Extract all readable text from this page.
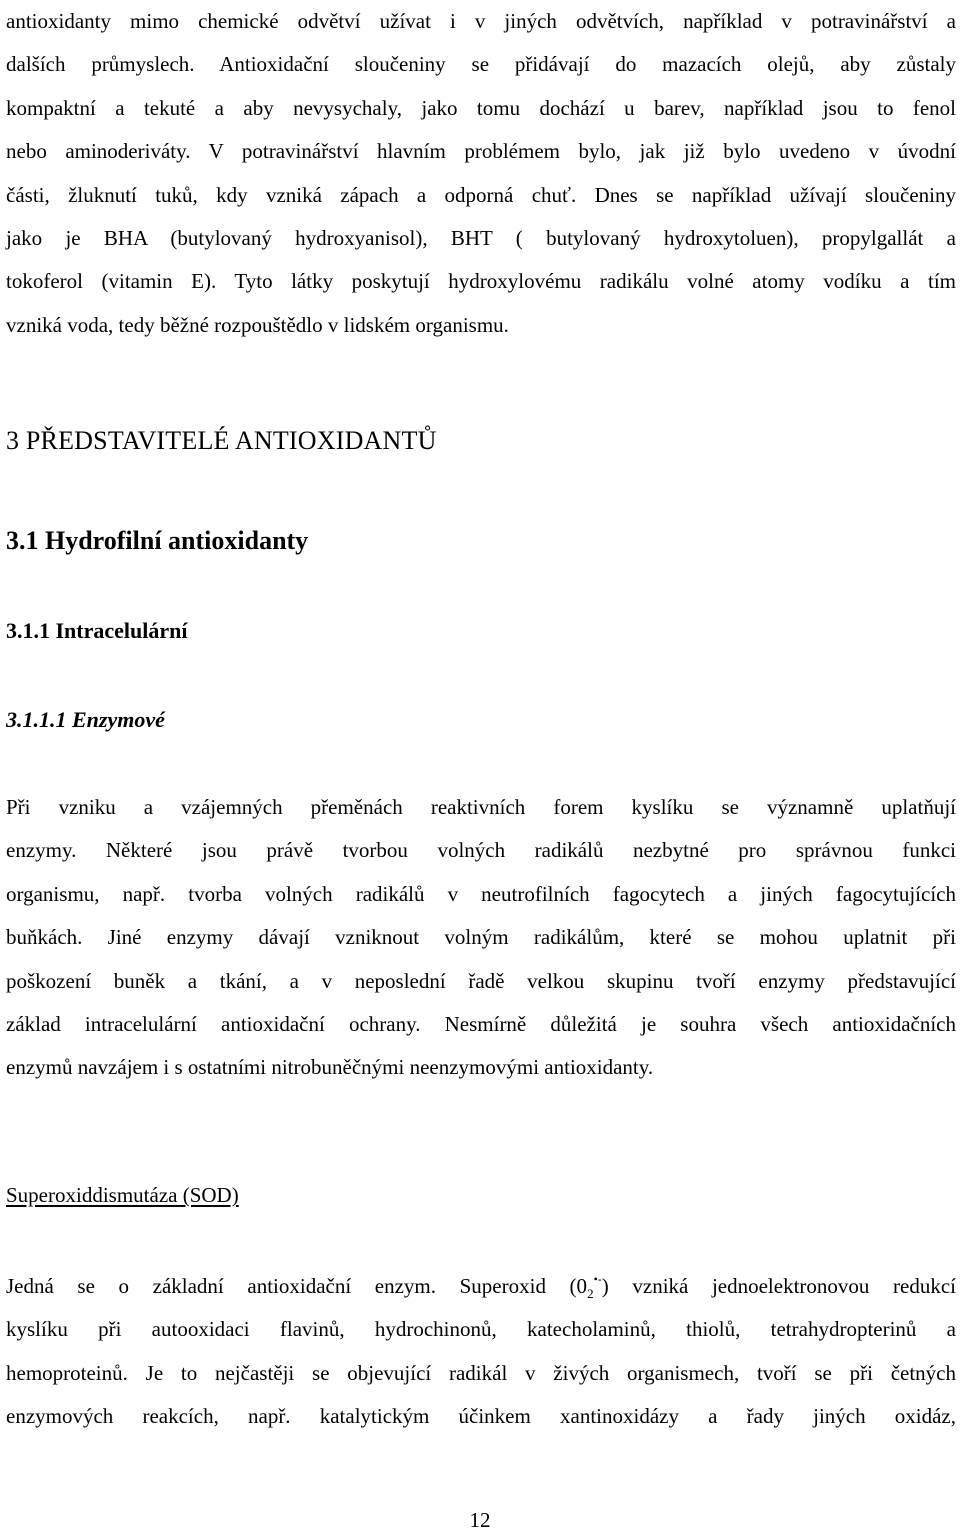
antioxidanty mimo chemické odvětví užívat i v jiných odvětvích, například v potravinářství a
dalších průmyslech. Antioxidační sloučeniny se přidávají do mazacích olejů, aby zůstaly
kompaktní a tekuté a aby nevysychaly, jako tomu dochází u barev, například jsou to fenol
nebo aminoderiváty. V potravinářství hlavním problémem bylo, jak již bylo uvedeno v úvodní
části, žluknutí tuků, kdy vzniká zápach a odporná chuť. Dnes se například užívají sloučeniny
jako je BHA (butylovaný hydroxyanisol), BHT ( butylovaný hydroxytoluen), propylgallát a
tokoferol (vitamin E). Tyto látky poskytují hydroxylovému radikálu volné atomy vodíku a tím
vzniká voda, tedy běžné rozpouštědlo v lidském organismu.
3 PŘEDSTAVITELÉ ANTIOXIDANTŮ
3.1 Hydrofilní antioxidanty
3.1.1 Intracelulární
3.1.1.1 Enzymové
Při vzniku a vzájemných přeměnách reaktivních forem kyslíku se významně uplatňují
enzymy. Některé jsou právě tvorbou volných radikálů nezbytné pro správnou funkci
organismu, např. tvorba volných radikálů v neutrofilních fagocytech a jiných fagocytujících
buňkách. Jiné enzymy dávají vzniknout volným radikálům, které se mohou uplatnit při
poškození buněk a tkání, a v neposlední řadě velkou skupinu tvoří enzymy představující
základ intracelulární antioxidační ochrany. Nesmírně důležitá je souhra všech antioxidačních
enzymů navzájem i s ostatními nitrobuněčnými neenzymovými antioxidanty.
Superoxiddismutáza (SOD)
Jedná se o základní antioxidační enzym. Superoxid $(0_2^{•-})$ vzniká jednoelektronovou redukcí
kyslíku při autooxidaci flavinů, hydrochinonů, katecholaminů, thiolů, tetrahydropterinů a
hemoproteinů. Je to nejčastěji se objevující radikál v živých organismech, tvoří se při četných
enzymových reakcích, např. katalytickým účinkem xantinoxidázy a řady jiných oxidáz,
12
